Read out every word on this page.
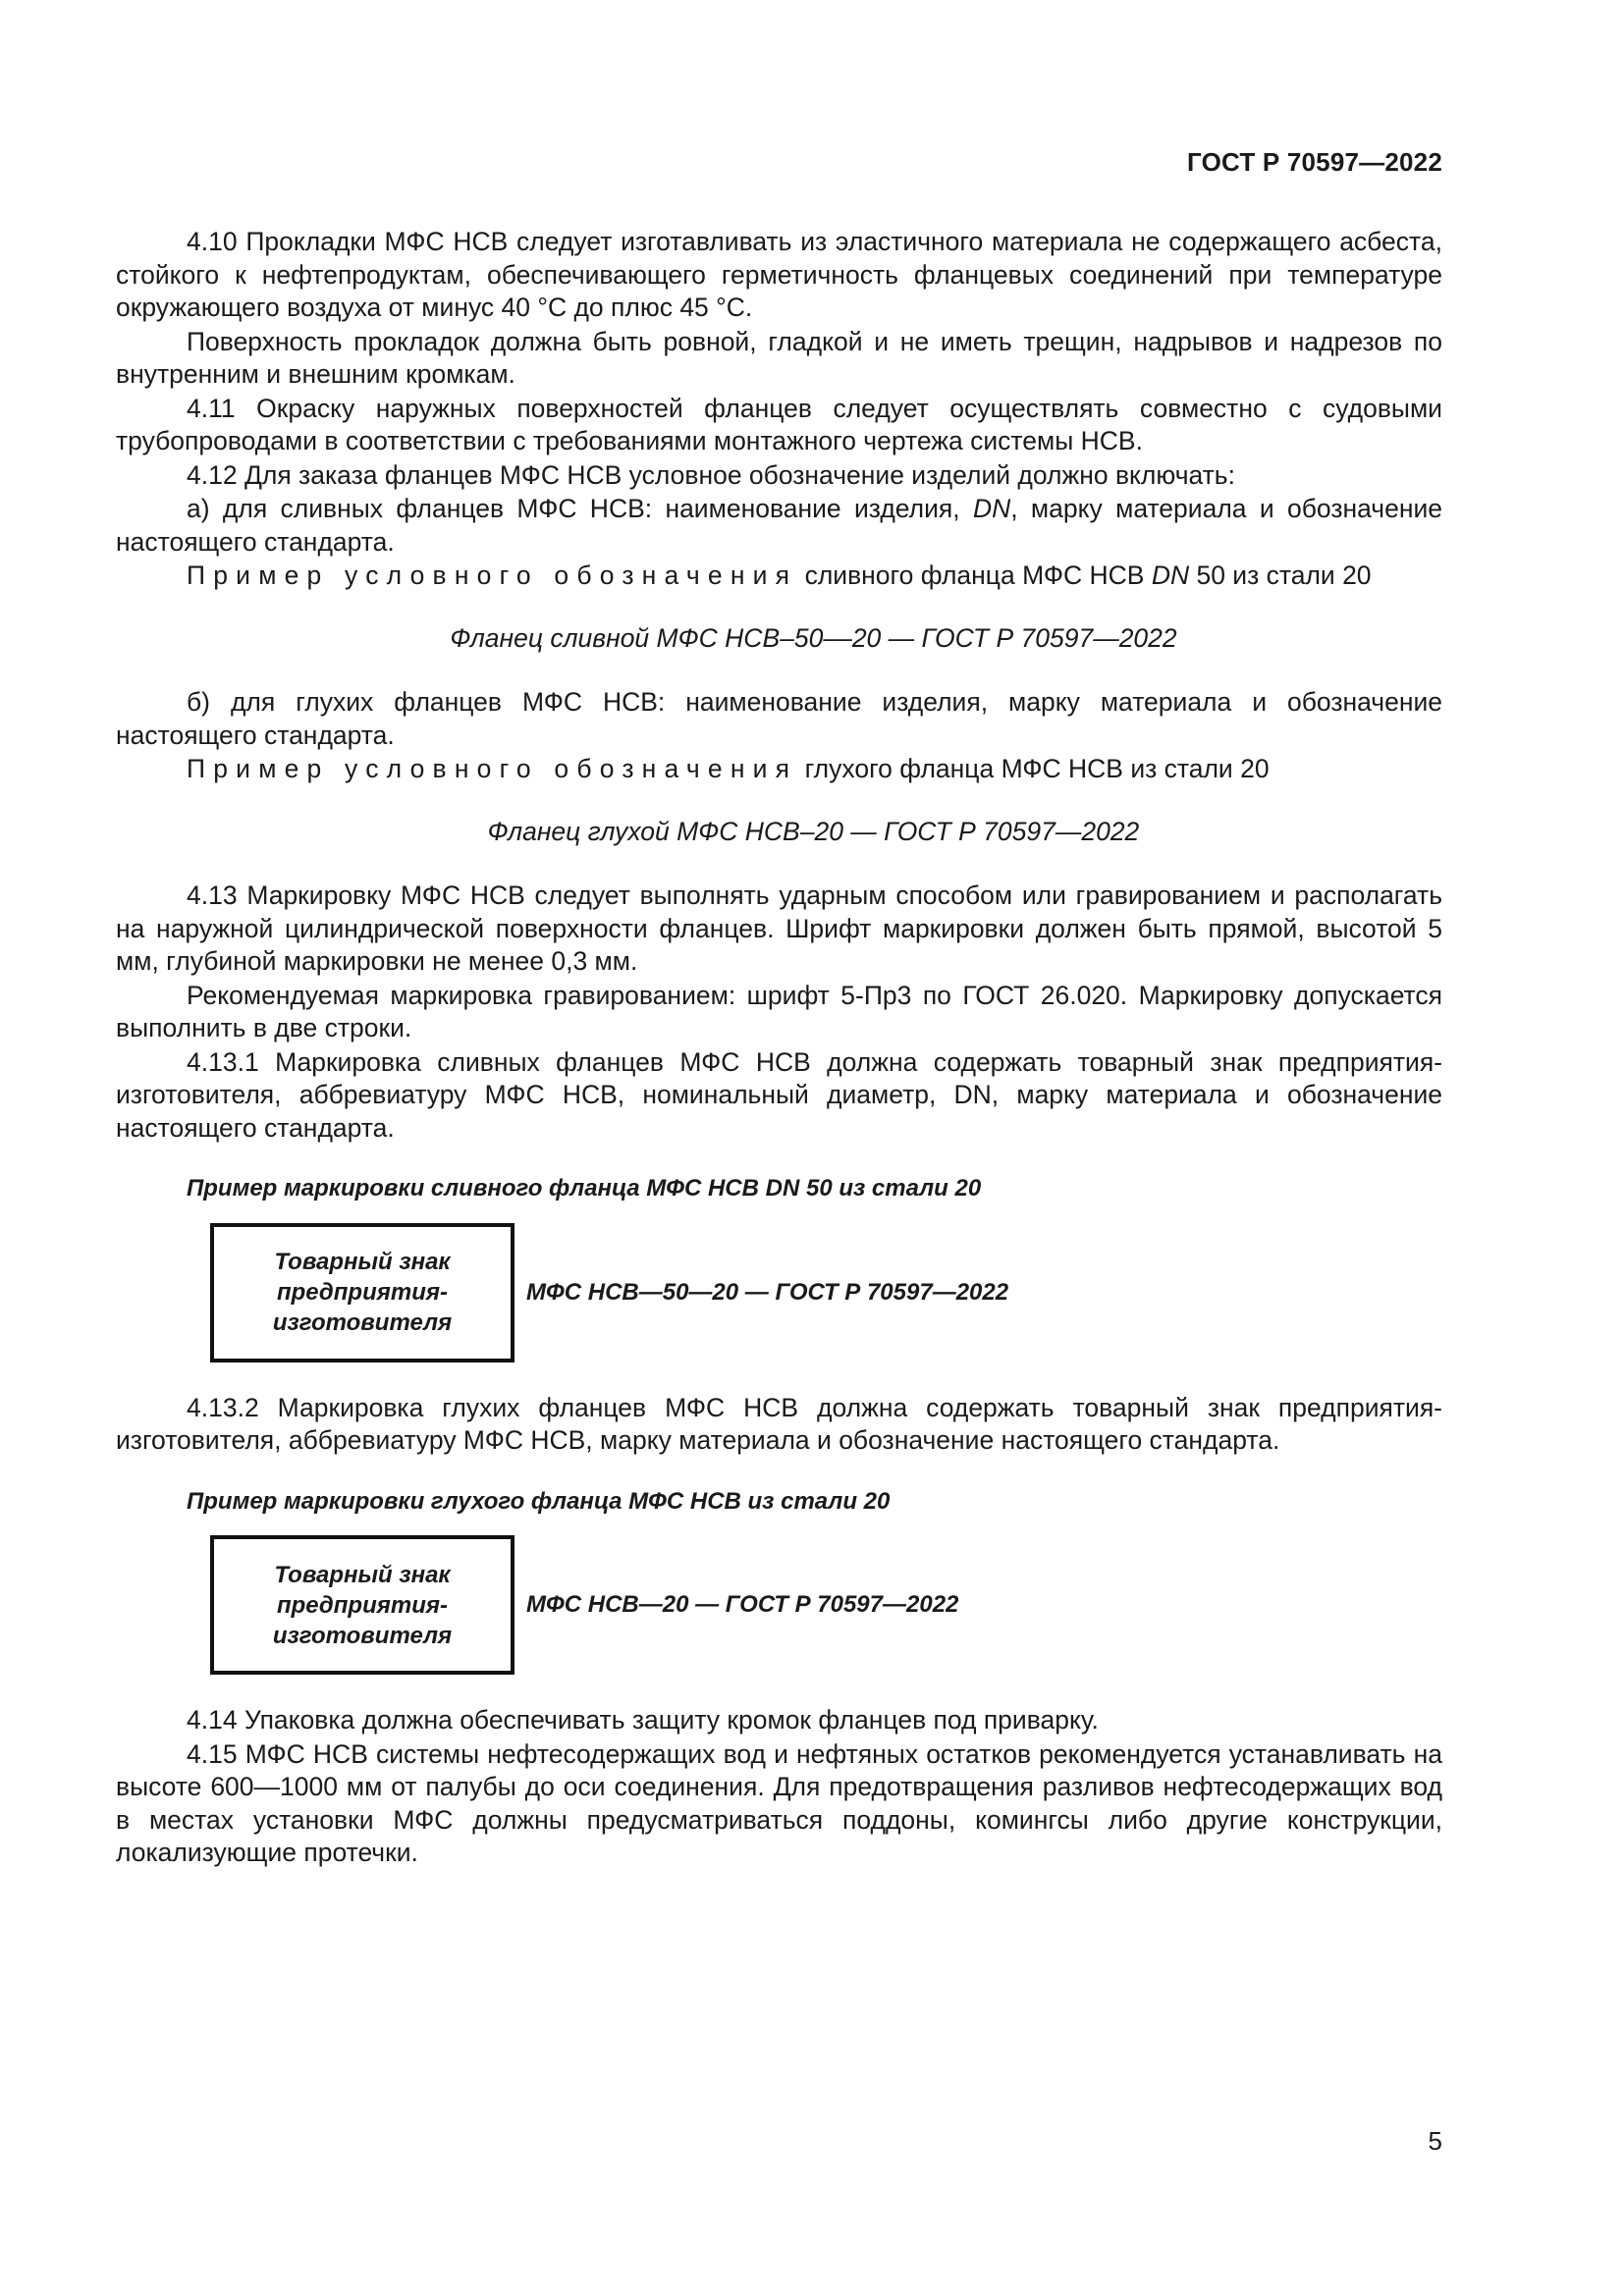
ГОСТ Р 70597—2022

4.10 Прокладки МФС НСВ следует изготавливать из эластичного материала не содержащего асбеста, стойкого к нефтепродуктам, обеспечивающего герметичность фланцевых соединений при температуре окружающего воздуха от минус 40 °С до плюс 45 °С.

Поверхность прокладок должна быть ровной, гладкой и не иметь трещин, надрывов и надрезов по внутренним и внешним кромкам.

4.11 Окраску наружных поверхностей фланцев следует осуществлять совместно с судовыми трубопроводами в соответствии с требованиями монтажного чертежа системы НСВ.

4.12 Для заказа фланцев МФС НСВ условное обозначение изделий должно включать:

а) для сливных фланцев МФС НСВ: наименование изделия, DN, марку материала и обозначение настоящего стандарта.

Пример условного обозначения сливного фланца МФС НСВ DN 50 из стали 20

Фланец сливной МФС НСВ–50––20 — ГОСТ Р 70597—2022

б) для глухих фланцев МФС НСВ: наименование изделия, марку материала и обозначение настоящего стандарта.

Пример условного обозначения глухого фланца МФС НСВ из стали 20

Фланец глухой МФС НСВ–20 — ГОСТ Р 70597—2022

4.13 Маркировку МФС НСВ следует выполнять ударным способом или гравированием и располагать на наружной цилиндрической поверхности фланцев. Шрифт маркировки должен быть прямой, высотой 5 мм, глубиной маркировки не менее 0,3 мм.

Рекомендуемая маркировка гравированием: шрифт 5-Пр3 по ГОСТ 26.020. Маркировку допускается выполнить в две строки.

4.13.1 Маркировка сливных фланцев МФС НСВ должна содержать товарный знак предприятия-изготовителя, аббревиатуру МФС НСВ, номинальный диаметр, DN, марку материала и обозначение настоящего стандарта.

Пример маркировки сливного фланца МФС НСВ DN 50 из стали 20
Товарный знак
предприятия-
изготовителя
МФС НСВ—50—20 — ГОСТ Р 70597—2022

4.13.2 Маркировка глухих фланцев МФС НСВ должна содержать товарный знак предприятия-изготовителя, аббревиатуру МФС НСВ, марку материала и обозначение настоящего стандарта.

Пример маркировки глухого фланца МФС НСВ из стали 20
Товарный знак
предприятия-
изготовителя
МФС НСВ—20 — ГОСТ Р 70597—2022

4.14 Упаковка должна обеспечивать защиту кромок фланцев под приварку.

4.15 МФС НСВ системы нефтесодержащих вод и нефтяных остатков рекомендуется устанавливать на высоте 600—1000 мм от палубы до оси соединения. Для предотвращения разливов нефтесодержащих вод в местах установки МФС должны предусматриваться поддоны, комингсы либо другие конструкции, локализующие протечки.

5
